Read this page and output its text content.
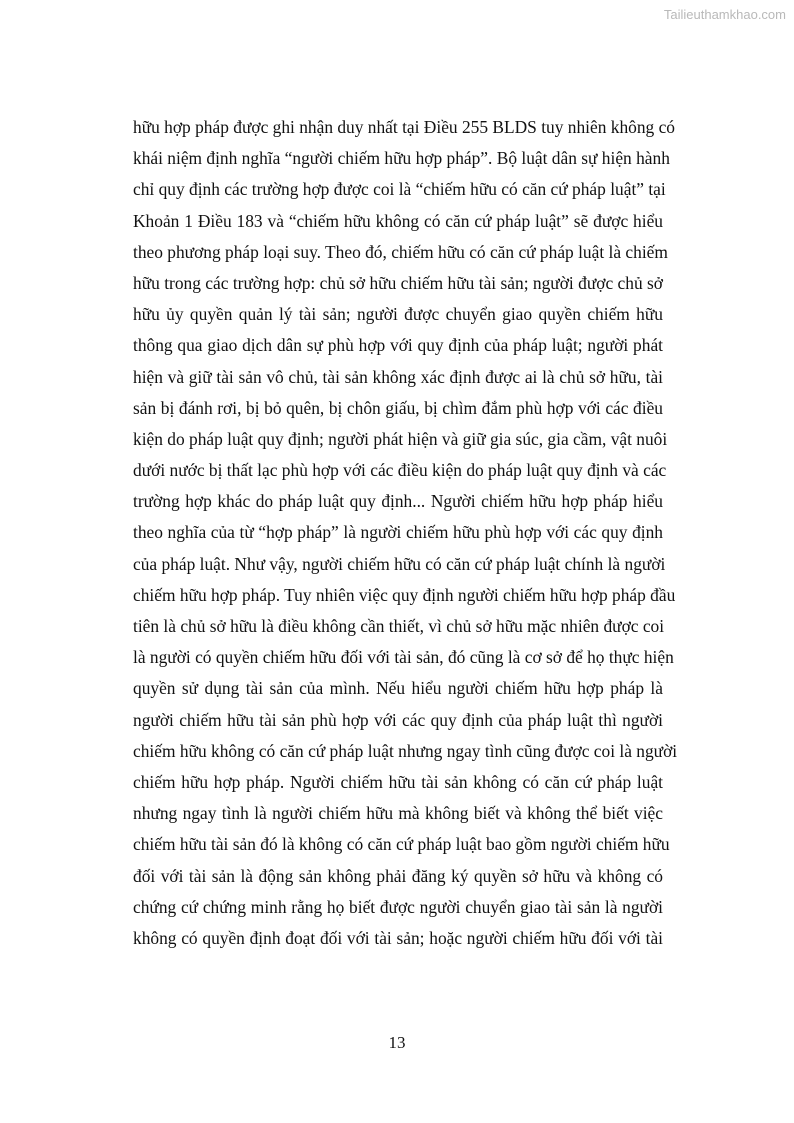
Tailieuthamkhao.com
hữu hợp pháp được ghi nhận duy nhất tại Điều 255 BLDS tuy nhiên không có
khái niệm định nghĩa “người chiếm hữu hợp pháp”. Bộ luật dân sự hiện hành
chỉ quy định các trường hợp được coi là “chiếm hữu có căn cứ pháp luật” tại
Khoản 1 Điều 183 và “chiếm hữu không có căn cứ pháp luật” sẽ được hiểu
theo phương pháp loại suy. Theo đó, chiếm hữu có căn cứ pháp luật là chiếm
hữu trong các trường hợp: chủ sở hữu chiếm hữu tài sản; người được chủ sở
hữu ủy quyền quản lý tài sản; người được chuyển giao quyền chiếm hữu
thông qua giao dịch dân sự phù hợp với quy định của pháp luật; người phát
hiện và giữ tài sản vô chủ, tài sản không xác định được ai là chủ sở hữu, tài
sản bị đánh rơi, bị bỏ quên, bị chôn giấu, bị chìm đắm phù hợp với các điều
kiện do pháp luật quy định; người phát hiện và giữ gia súc, gia cầm, vật nuôi
dưới nước bị thất lạc phù hợp với các điều kiện do pháp luật quy định và các
trường hợp khác do pháp luật quy định... Người chiếm hữu hợp pháp hiểu
theo nghĩa của từ “hợp pháp” là người chiếm hữu phù hợp với các quy định
của pháp luật. Như vậy, người chiếm hữu có căn cứ pháp luật chính là người
chiếm hữu hợp pháp. Tuy nhiên việc quy định người chiếm hữu hợp pháp đầu
tiên là chủ sở hữu là điều không cần thiết, vì chủ sở hữu mặc nhiên được coi
là người có quyền chiếm hữu đối với tài sản, đó cũng là cơ sở để họ thực hiện
quyền sử dụng tài sản của mình. Nếu hiểu người chiếm hữu hợp pháp là
người chiếm hữu tài sản phù hợp với các quy định của pháp luật thì người
chiếm hữu không có căn cứ pháp luật nhưng ngay tình cũng được coi là người
chiếm hữu hợp pháp. Người chiếm hữu tài sản không có căn cứ pháp luật
nhưng ngay tình là người chiếm hữu mà không biết và không thể biết việc
chiếm hữu tài sản đó là không có căn cứ pháp luật bao gồm người chiếm hữu
đối với tài sản là động sản không phải đăng ký quyền sở hữu và không có
chứng cứ chứng minh rằng họ biết được người chuyển giao tài sản là người
không có quyền định đoạt đối với tài sản; hoặc người chiếm hữu đối với tài
13
